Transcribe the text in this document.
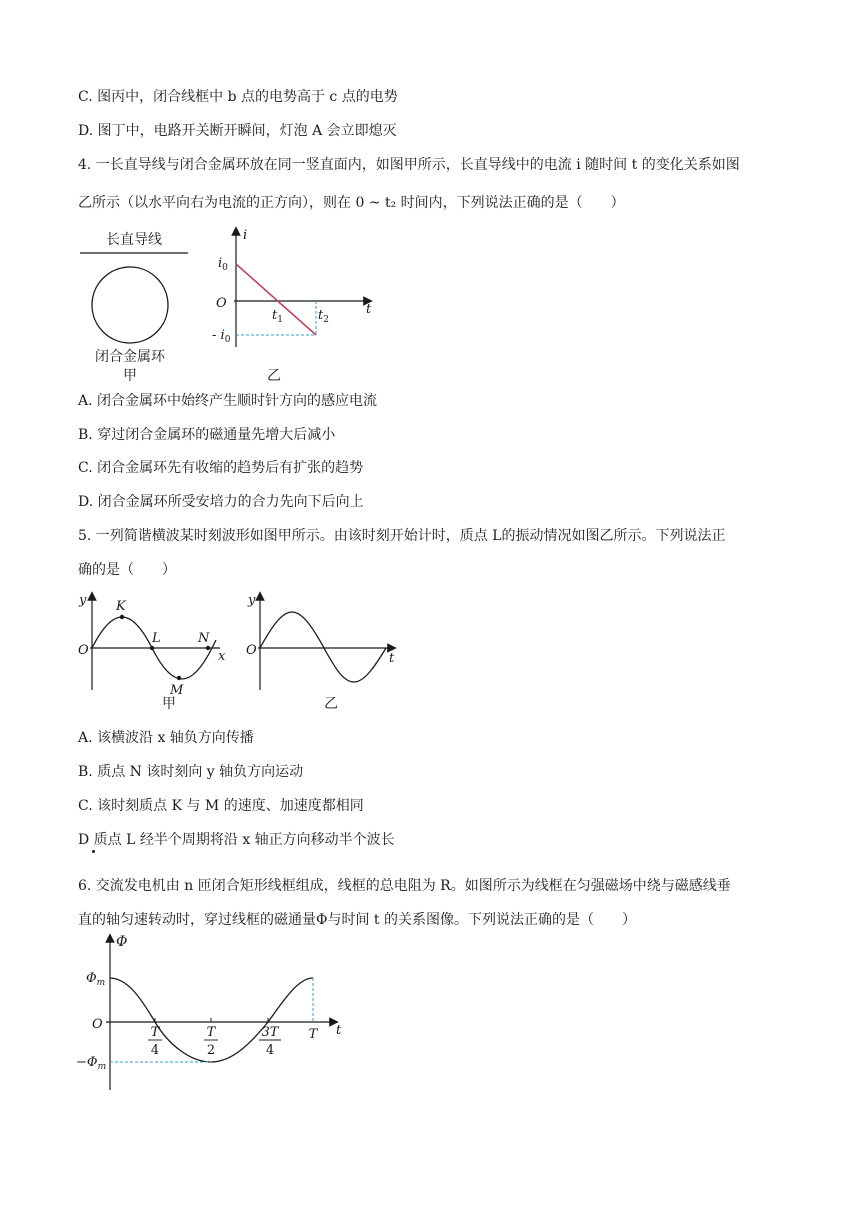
C. 图丙中，闭合线框中 b 点的电势高于 c 点的电势
D. 图丁中，电路开关断开瞬间，灯泡 A 会立即熄灭
4. 一长直导线与闭合金属环放在同一竖直面内，如图甲所示，长直导线中的电流 i 随时间 t 的变化关系如图
乙所示（以水平向右为电流的正方向），则在 0 ~ t₂ 时间内，下列说法正确的是（　　）
长直导线
闭合金属环
甲
i
t
O
$i_0$
- $i_0$
$t_1$	$t_2$
乙
A. 闭合金属环中始终产生顺时针方向的感应电流
B. 穿过闭合金属环的磁通量先增大后减小
C. 闭合金属环先有收缩的趋势后有扩张的趋势
D. 闭合金属环所受安培力的合力先向下后向上
5. 一列简谐横波某时刻波形如图甲所示。由该时刻开始计时，质点 L的振动情况如图乙所示。下列说法正
确的是（　　）
y
x
O
K
L
M
N
甲
y
t
O
乙
A. 该横波沿 x 轴负方向传播
B. 质点 N 该时刻向 y 轴负方向运动
C. 该时刻质点 K 与 M 的速度、加速度都相同
D 质点 L 经半个周期将沿 x 轴正方向移动半个波长
6. 交流发电机由 n 匝闭合矩形线框组成，线框的总电阻为 R。如图所示为线框在匀强磁场中绕与磁感线垂
直的轴匀速转动时，穿过线框的磁通量Φ与时间 t 的关系图像。下列说法正确的是（　　）
Φ
t
O
$\Phi_m$
$-\Phi_m$
T
4
T
2
3T
4
T
